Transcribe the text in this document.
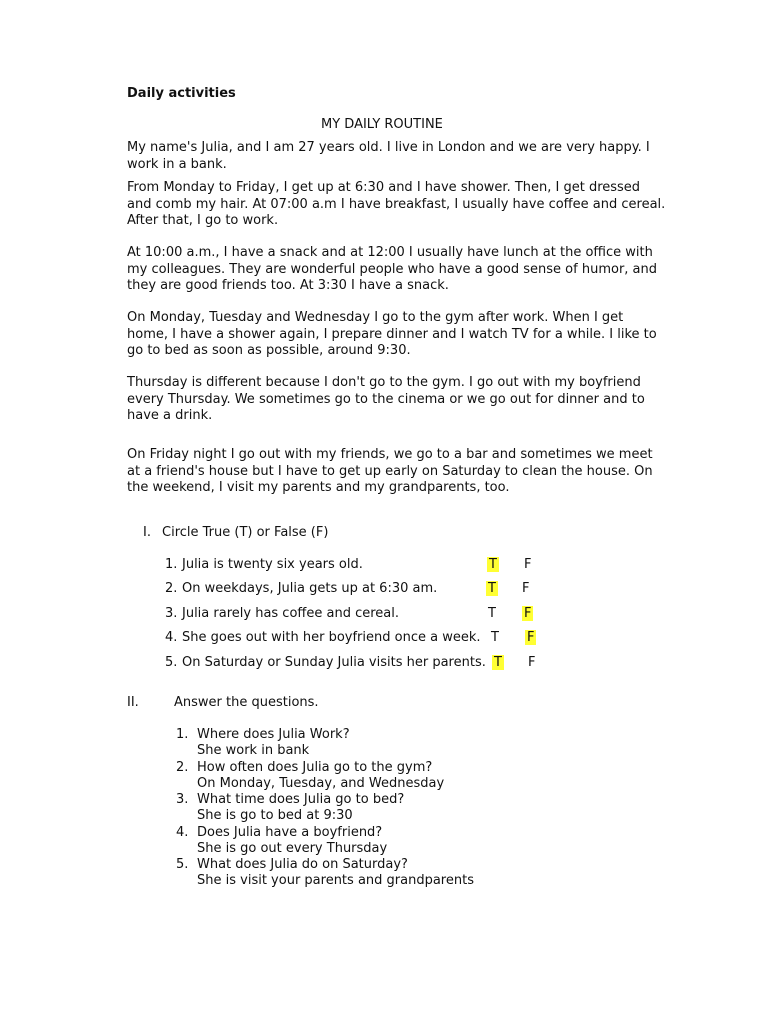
Daily activities
MY DAILY ROUTINE

My name's Julia, and I am 27 years old. I live in London and we are very happy. I work in a bank.

From Monday to Friday, I get up at 6:30 and I have shower. Then, I get dressed and comb my hair. At 07:00 a.m I have breakfast, I usually have coffee and cereal. After that, I go to work.

At 10:00 a.m., I have a snack and at 12:00 I usually have lunch at the office with my colleagues. They are wonderful people who have a good sense of humor, and they are good friends too. At 3:30 I have a snack.

On Monday, Tuesday and Wednesday I go to the gym after work. When I get home, I have a shower again, I prepare dinner and I watch TV for a while. I like to go to bed as soon as possible, around 9:30.

Thursday is different because I don't go to the gym. I go out with my boyfriend every Thursday. We sometimes go to the cinema or we go out for dinner and to have a drink.

On Friday night I go out with my friends, we go to a bar and sometimes we meet at a friend's house but I have to get up early on Saturday to clean the house. On the weekend, I visit my parents and my grandparents, too.

I. Circle True (T) or False (F)
1. Julia is twenty six years old.	T F
2. On weekdays, Julia gets up at 6:30 am.	T F
3. Julia rarely has coffee and cereal.	T F
4. She goes out with her boyfriend once a week. T F
5. On Saturday or Sunday Julia visits her parents. T F
II.	Answer the questions.
1. Where does Julia Work?
She work in bank
2. How often does Julia go to the gym?
On Monday, Tuesday, and Wednesday
3. What time does Julia go to bed?
She is go to bed at 9:30
4. Does Julia have a boyfriend?
She is go out every Thursday
5. What does Julia do on Saturday?
She is visit your parents and grandparents
